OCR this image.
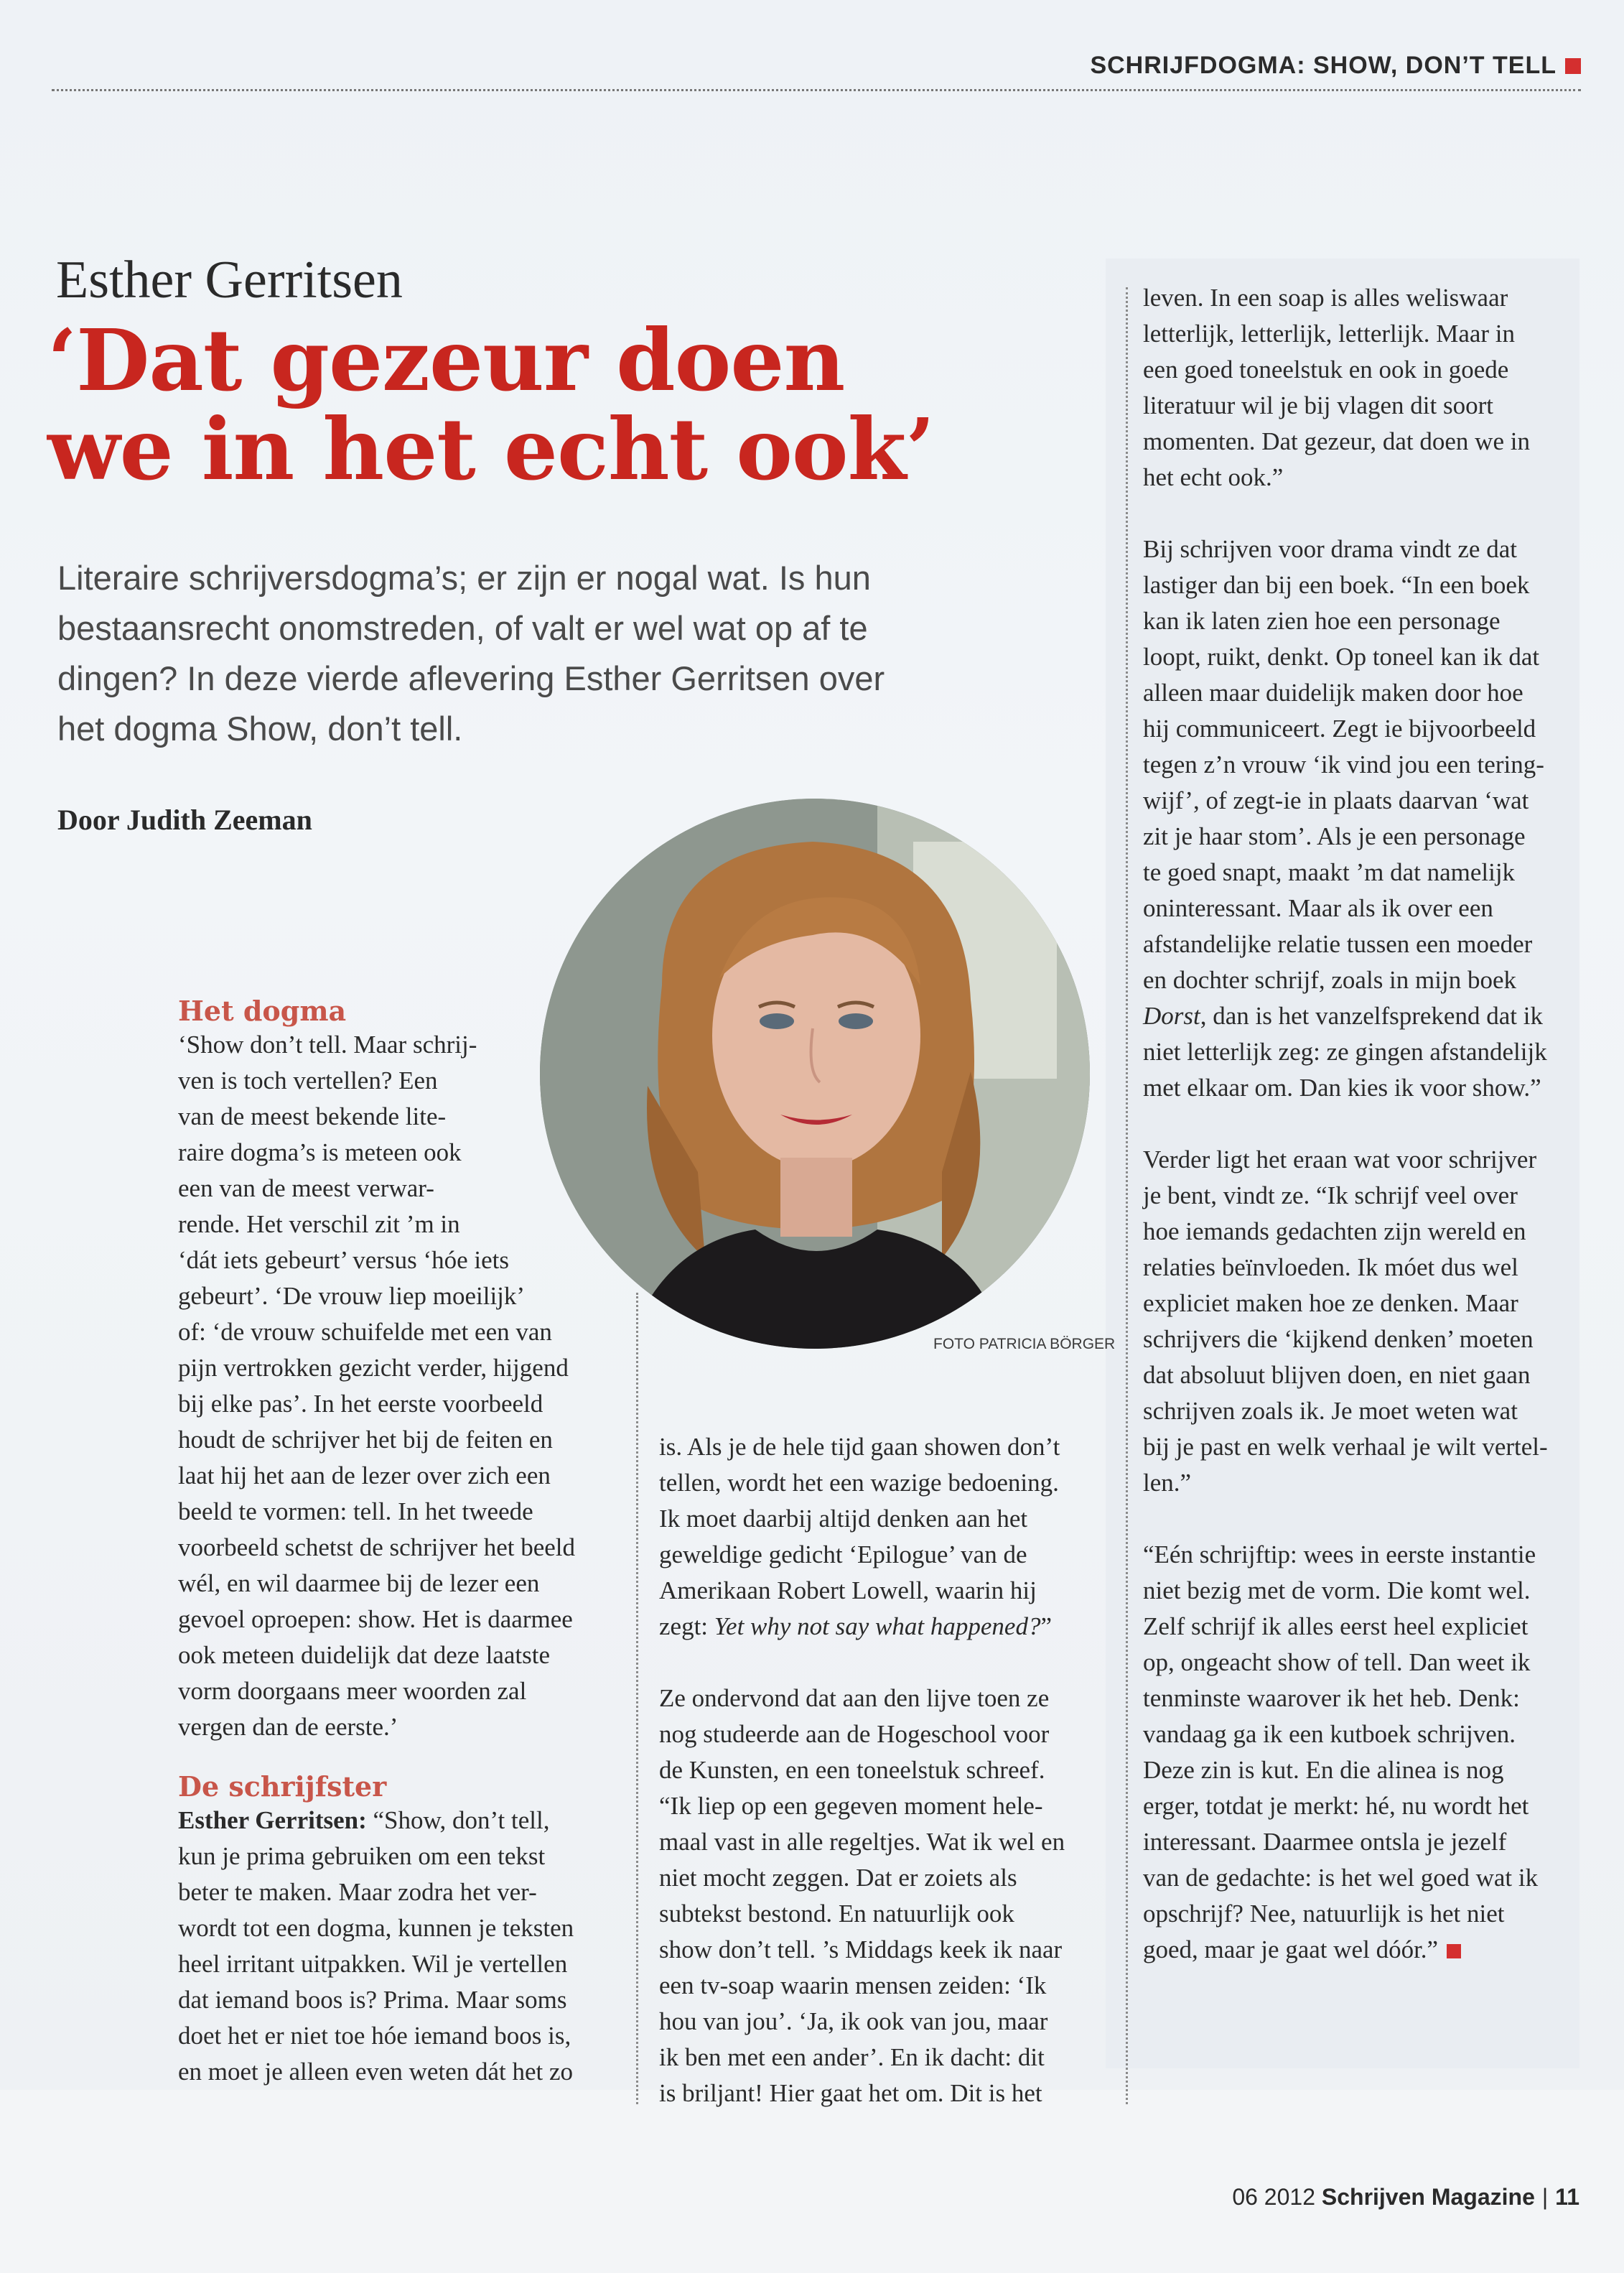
SCHRIJFDOGMA: SHOW, DON’T TELL
Esther Gerritsen
‘Dat gezeur doen
we in het echt ook’
Literaire schrijversdogma’s; er zijn er nogal wat. Is hun bestaansrecht onomstreden, of valt er wel wat op af te dingen? In deze vierde aflevering Esther Gerritsen over het dogma Show, don’t tell.
Door Judith Zeeman
FOTO PATRICIA BÖRGER
Het dogma

‘Show don’t tell. Maar schrij-

ven is toch vertellen? Een

van de meest bekende lite-

raire dogma’s is meteen ook

een van de meest verwar-

rende. Het verschil zit ’m in

‘dát iets gebeurt’ versus ‘hóe iets

gebeurt’. ‘De vrouw liep moeilijk’

of: ‘de vrouw schuifelde met een van

pijn vertrokken gezicht verder, hijgend

bij elke pas’. In het eerste voorbeeld

houdt de schrijver het bij de feiten en

laat hij het aan de lezer over zich een

beeld te vormen: tell. In het tweede

voorbeeld schetst de schrijver het beeld

wél, en wil daarmee bij de lezer een

gevoel oproepen: show. Het is daarmee

ook meteen duidelijk dat deze laatste

vorm doorgaans meer woorden zal

vergen dan de eerste.’

De schrijfster

Esther Gerritsen: “Show, don’t tell,

kun je prima gebruiken om een tekst

beter te maken. Maar zodra het ver-

wordt tot een dogma, kunnen je teksten

heel irritant uitpakken. Wil je vertellen

dat iemand boos is? Prima. Maar soms

doet het er niet toe hóe iemand boos is,

en moet je alleen even weten dát het zo

is. Als je de hele tijd gaan showen don’t

tellen, wordt het een wazige bedoening.

Ik moet daarbij altijd denken aan het

geweldige gedicht ‘Epilogue’ van de

Amerikaan Robert Lowell, waarin hij

zegt: Yet why not say what happened?”

Ze ondervond dat aan den lijve toen ze

nog studeerde aan de Hogeschool voor

de Kunsten, en een toneelstuk schreef.

“Ik liep op een gegeven moment hele-

maal vast in alle regeltjes. Wat ik wel en

niet mocht zeggen. Dat er zoiets als

subtekst bestond. En natuurlijk ook

show don’t tell. ’s Middags keek ik naar

een tv-soap waarin mensen zeiden: ‘Ik

hou van jou’. ‘Ja, ik ook van jou, maar

ik ben met een ander’. En ik dacht: dit

is briljant! Hier gaat het om. Dit is het

leven. In een soap is alles weliswaar

letterlijk, letterlijk, letterlijk. Maar in

een goed toneelstuk en ook in goede

literatuur wil je bij vlagen dit soort

momenten. Dat gezeur, dat doen we in

het echt ook.”

Bij schrijven voor drama vindt ze dat

lastiger dan bij een boek. “In een boek

kan ik laten zien hoe een personage

loopt, ruikt, denkt. Op toneel kan ik dat

alleen maar duidelijk maken door hoe

hij communiceert. Zegt ie bijvoorbeeld

tegen z’n vrouw ‘ik vind jou een tering-

wijf’, of zegt-ie in plaats daarvan ‘wat

zit je haar stom’. Als je een personage

te goed snapt, maakt ’m dat namelijk

oninteressant. Maar als ik over een

afstandelijke relatie tussen een moeder

en dochter schrijf, zoals in mijn boek

Dorst, dan is het vanzelfsprekend dat ik

niet letterlijk zeg: ze gingen afstandelijk

met elkaar om. Dan kies ik voor show.”

Verder ligt het eraan wat voor schrijver

je bent, vindt ze. “Ik schrijf veel over

hoe iemands gedachten zijn wereld en

relaties beïnvloeden. Ik móet dus wel

expliciet maken hoe ze denken. Maar

schrijvers die ‘kijkend denken’ moeten

dat absoluut blijven doen, en niet gaan

schrijven zoals ik. Je moet weten wat

bij je past en welk verhaal je wilt vertel-

len.”

“Eén schrijftip: wees in eerste instantie

niet bezig met de vorm. Die komt wel.

Zelf schrijf ik alles eerst heel expliciet

op, ongeacht show of tell. Dan weet ik

tenminste waarover ik het heb. Denk:

vandaag ga ik een kutboek schrijven.

Deze zin is kut. En die alinea is nog

erger, totdat je merkt: hé, nu wordt het

interessant. Daarmee ontsla je jezelf

van de gedachte: is het wel goed wat ik

opschrijf? Nee, natuurlijk is het niet

goed, maar je gaat wel dóór.”

06 2012 Schrijven Magazine | 11
